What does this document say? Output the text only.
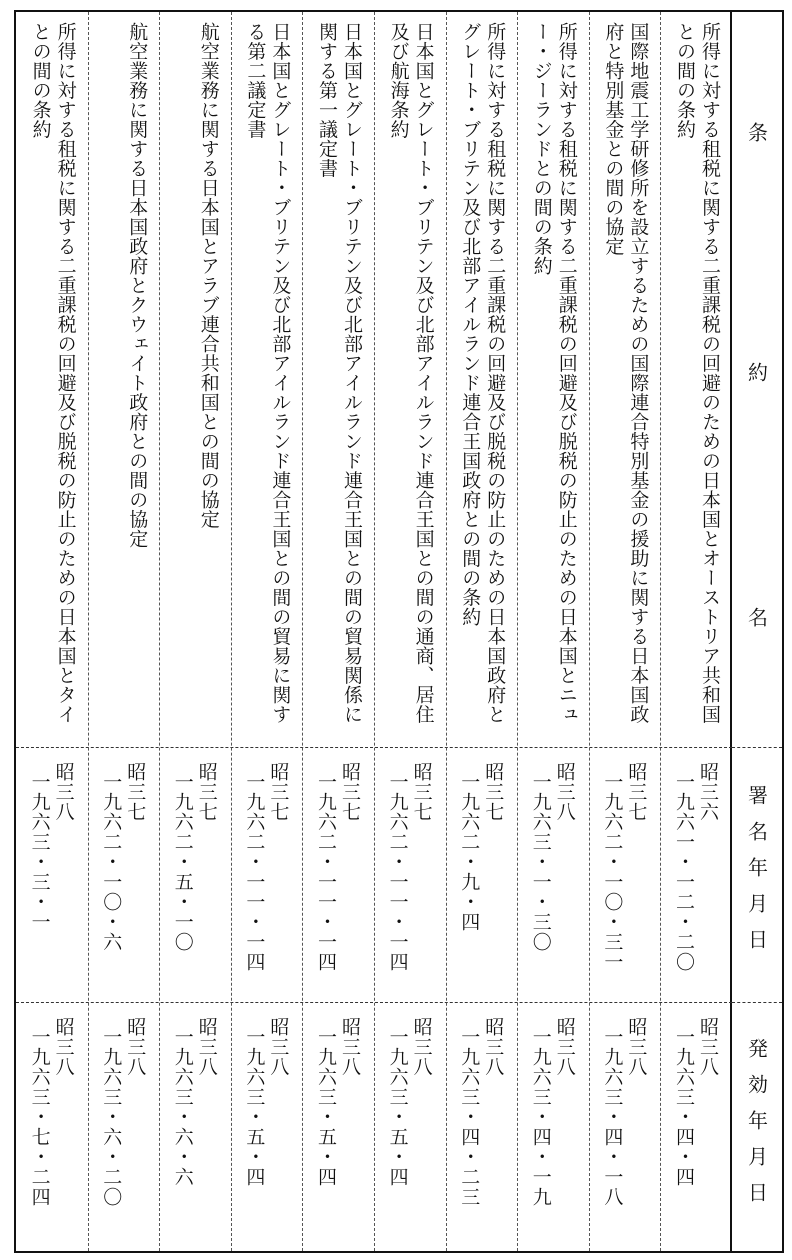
条
約
名
署名年月日
発効年月日
所得に対する租税に関する二重課税の回避のための日本国とオーストリア共和国との間の条約
昭三六
一九六一・一二・二〇
昭三八
一九六三・四・四
国際地震工学研修所を設立するための国際連合特別基金の援助に関する日本国政府と特別基金との間の協定
昭三七
一九六二・一〇・三一
昭三八
一九六三・四・一八
所得に対する租税に関する二重課税の回避及び脱税の防止のための日本国とニュー・ジーランドとの間の条約
昭三八
一九六三・一・三〇
昭三八
一九六三・四・一九
所得に対する租税に関する二重課税の回避及び脱税の防止のための日本国政府とグレート・ブリテン及び北部アイルランド連合王国政府との間の条約
昭三七
一九六二・九・四
昭三八
一九六三・四・二三
日本国とグレート・ブリテン及び北部アイルランド連合王国との間の通商、居住及び航海条約
昭三七
一九六二・一一・一四
昭三八
一九六三・五・四
日本国とグレート・ブリテン及び北部アイルランド連合王国との間の貿易関係に関する第一議定書
昭三七
一九六二・一一・一四
昭三八
一九六三・五・四
日本国とグレート・ブリテン及び北部アイルランド連合王国との間の貿易に関する第二議定書
昭三七
一九六二・一一・一四
昭三八
一九六三・五・四
航空業務に関する日本国とアラブ連合共和国との間の協定
昭三七
一九六二・五・一〇
昭三八
一九六三・六・六
航空業務に関する日本国政府とクウェイト政府との間の協定
昭三七
一九六二・一〇・六
昭三八
一九六三・六・二〇
所得に対する租税に関する二重課税の回避及び脱税の防止のための日本国とタイとの間の条約
昭三八
一九六三・三・一
昭三八
一九六三・七・二四
